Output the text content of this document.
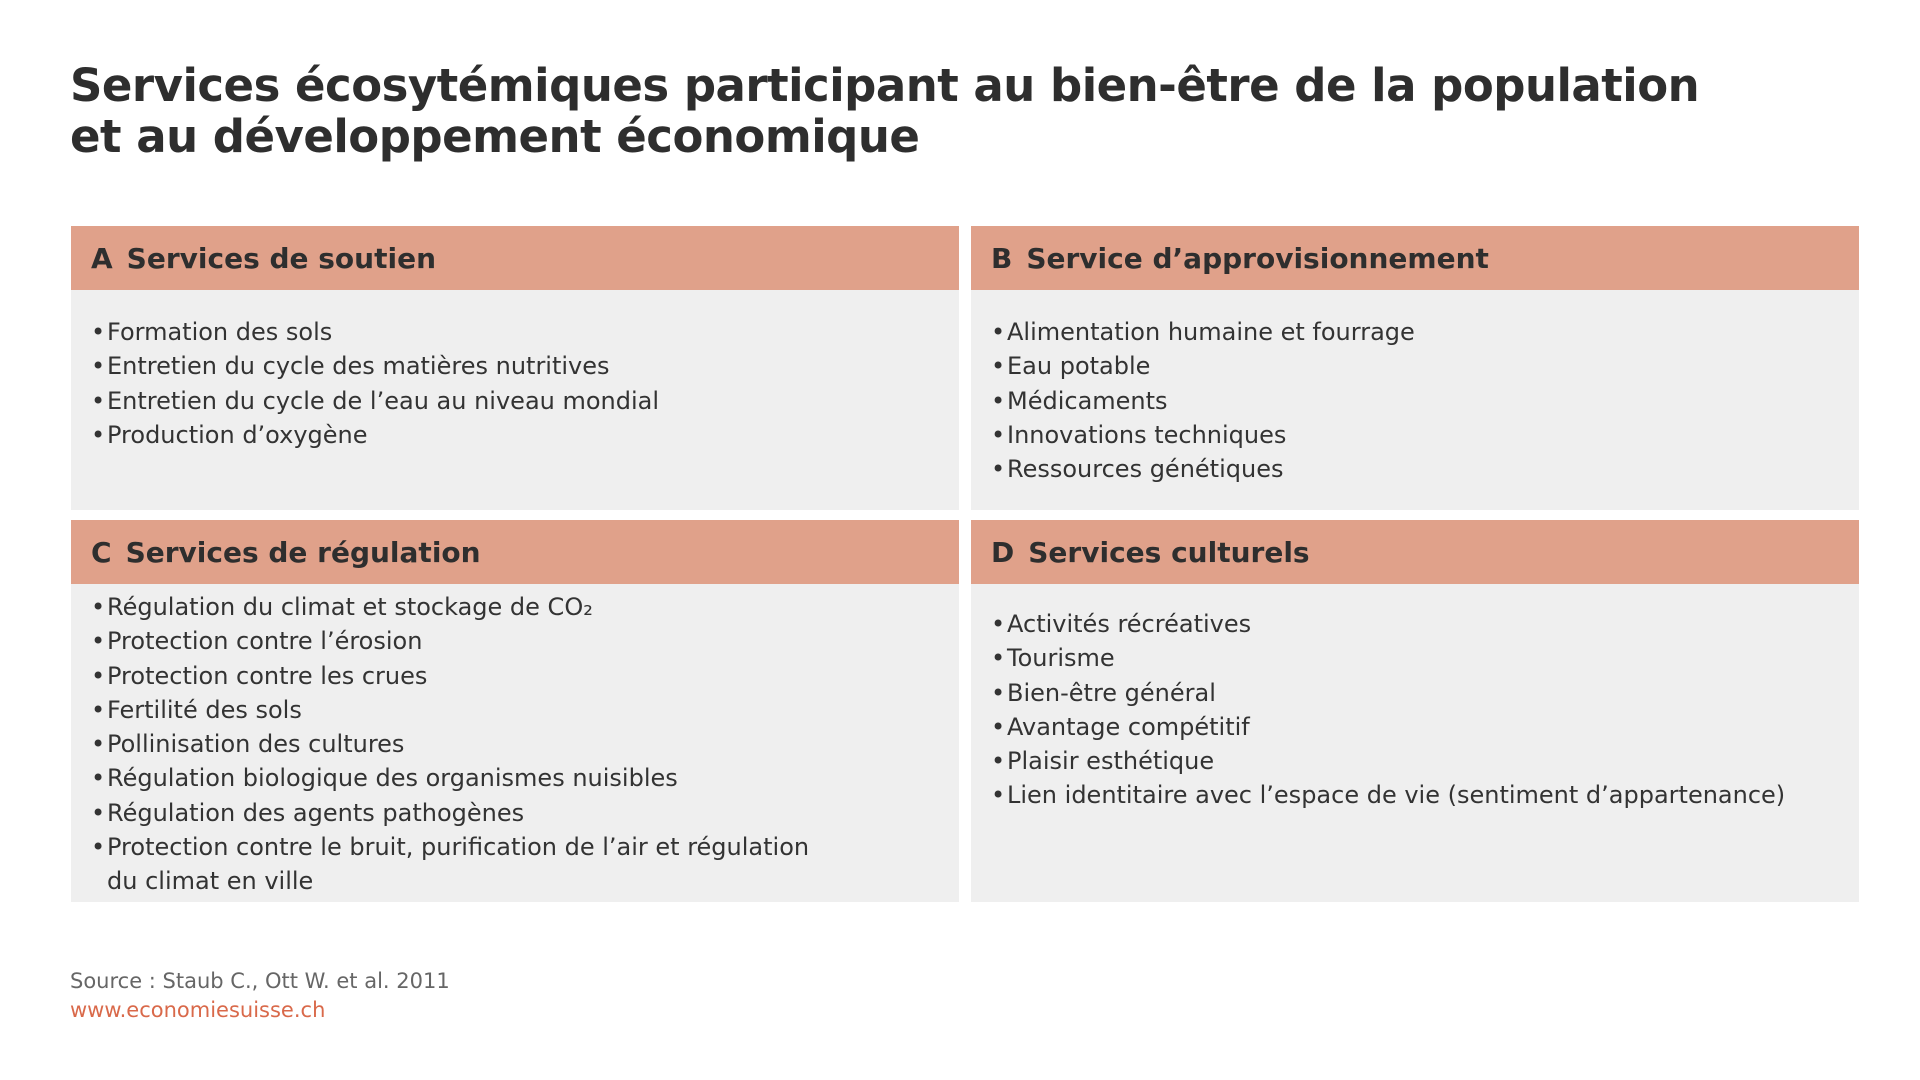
Services écosytémiques participant au bien-être de la population
et au développement économique
A Services de soutien
• Formation des sols
• Entretien du cycle des matières nutritives
• Entretien du cycle de l’eau au niveau mondial
• Production d’oxygène
B Service d’approvisionnement
• Alimentation humaine et fourrage
• Eau potable
• Médicaments
• Innovations techniques
• Ressources génétiques
C Services de régulation
• Régulation du climat et stockage de CO₂
• Protection contre l’érosion
• Protection contre les crues
• Fertilité des sols
• Pollinisation des cultures
• Régulation biologique des organismes nuisibles
• Régulation des agents pathogènes
• Protection contre le bruit, purification de l’air et régulation du climat en ville
D Services culturels
• Activités récréatives
• Tourisme
• Bien-être général
• Avantage compétitif
• Plaisir esthétique
• Lien identitaire avec l’espace de vie (sentiment d’appartenance)
Source : Staub C., Ott W. et al. 2011
www.economiesuisse.ch
